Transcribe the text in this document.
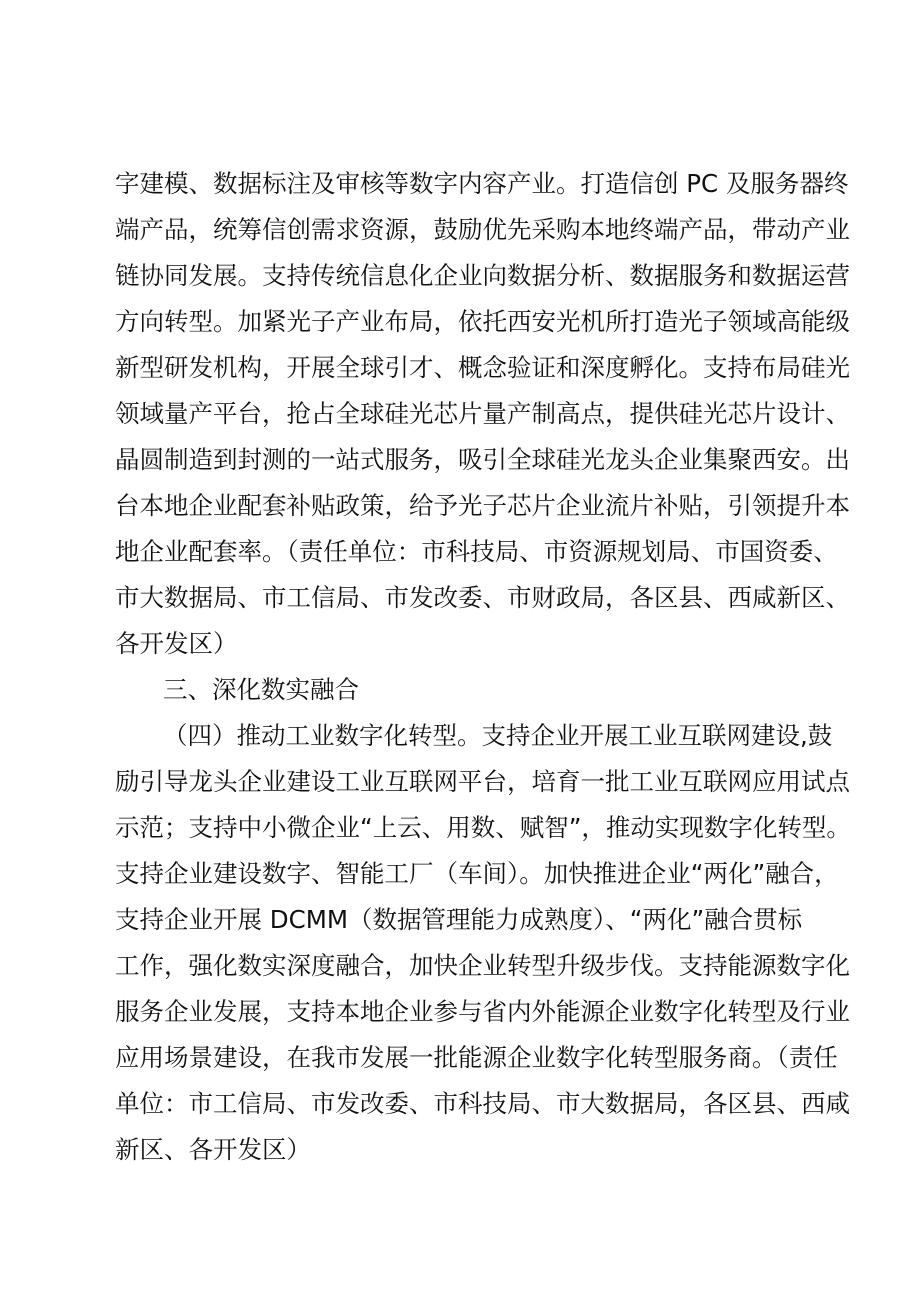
字建模、数据标注及审核等数字内容产业。打造信创 PC 及服务器终
端产品，统筹信创需求资源，鼓励优先采购本地终端产品，带动产业
链协同发展。支持传统信息化企业向数据分析、数据服务和数据运营
方向转型。加紧光子产业布局，依托西安光机所打造光子领域高能级
新型研发机构，开展全球引才、概念验证和深度孵化。支持布局硅光
领域量产平台，抢占全球硅光芯片量产制高点，提供硅光芯片设计、
晶圆制造到封测的一站式服务，吸引全球硅光龙头企业集聚西安。出
台本地企业配套补贴政策，给予光子芯片企业流片补贴，引领提升本
地企业配套率。（责任单位：市科技局、市资源规划局、市国资委、
市大数据局、市工信局、市发改委、市财政局，各区县、西咸新区、
各开发区）
三、深化数实融合
（四）推动工业数字化转型。支持企业开展工业互联网建设,鼓
励引导龙头企业建设工业互联网平台，培育一批工业互联网应用试点
示范；支持中小微企业“上云、用数、赋智”，推动实现数字化转型。
支持企业建设数字、智能工厂（车间）。加快推进企业“两化”融合，
支持企业开展 DCMM（数据管理能力成熟度）、“两化”融合贯标
工作，强化数实深度融合，加快企业转型升级步伐。支持能源数字化
服务企业发展，支持本地企业参与省内外能源企业数字化转型及行业
应用场景建设，在我市发展一批能源企业数字化转型服务商。（责任
单位：市工信局、市发改委、市科技局、市大数据局，各区县、西咸
新区、各开发区）
